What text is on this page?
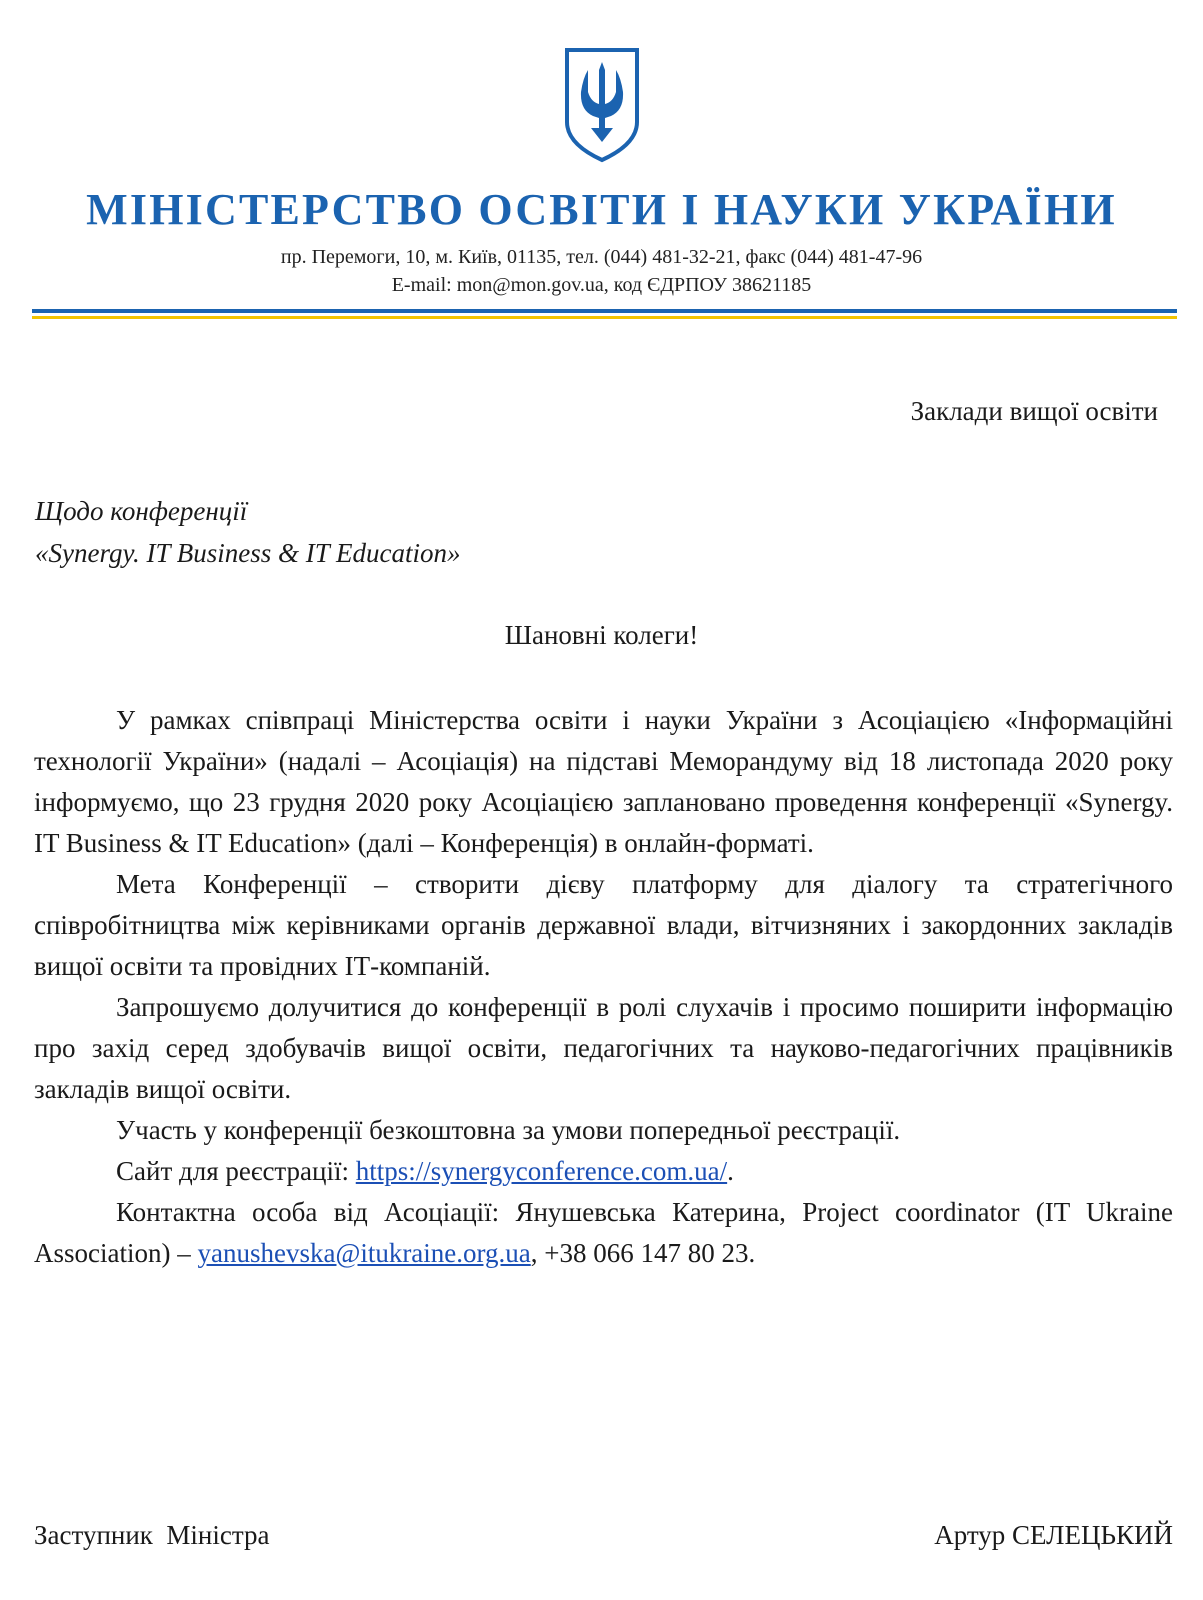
МІНІСТЕРСТВО ОСВІТИ І НАУКИ УКРАЇНИ
пр. Перемоги, 10, м. Київ, 01135, тел. (044) 481-32-21, факс (044) 481-47-96
E-mail: mon@mon.gov.ua, код ЄДРПОУ 38621185
Заклади вищої освіти
Щодо конференції
«Synergy. IT Business & IT Education»
Шановні колеги!

У рамках співпраці Міністерства освіти і науки України з Асоціацією «Інформаційні технології України» (надалі – Асоціація) на підставі Меморандуму від 18 листопада 2020 року інформуємо, що 23 грудня 2020 року Асоціацією заплановано проведення конференції «Synergy. IT Business & IT Education» (далі – Конференція) в онлайн-форматі.

Мета Конференції – створити дієву платформу для діалогу та стратегічного співробітництва між керівниками органів державної влади, вітчизняних і закордонних закладів вищої освіти та провідних ІТ-компаній.

Запрошуємо долучитися до конференції в ролі слухачів і просимо поширити інформацію про захід серед здобувачів вищої освіти, педагогічних та науково-педагогічних працівників закладів вищої освіти.

Участь у конференції безкоштовна за умови попередньої реєстрації.

Сайт для реєстрації: https://synergyconference.com.ua/.

Контактна особа від Асоціації: Янушевська Катерина, Project coordinator (IT Ukraine Association) – yanushevska@itukraine.org.ua, +38 066 147 80 23.

Заступник  Міністра	Артур СЕЛЕЦЬКИЙ
